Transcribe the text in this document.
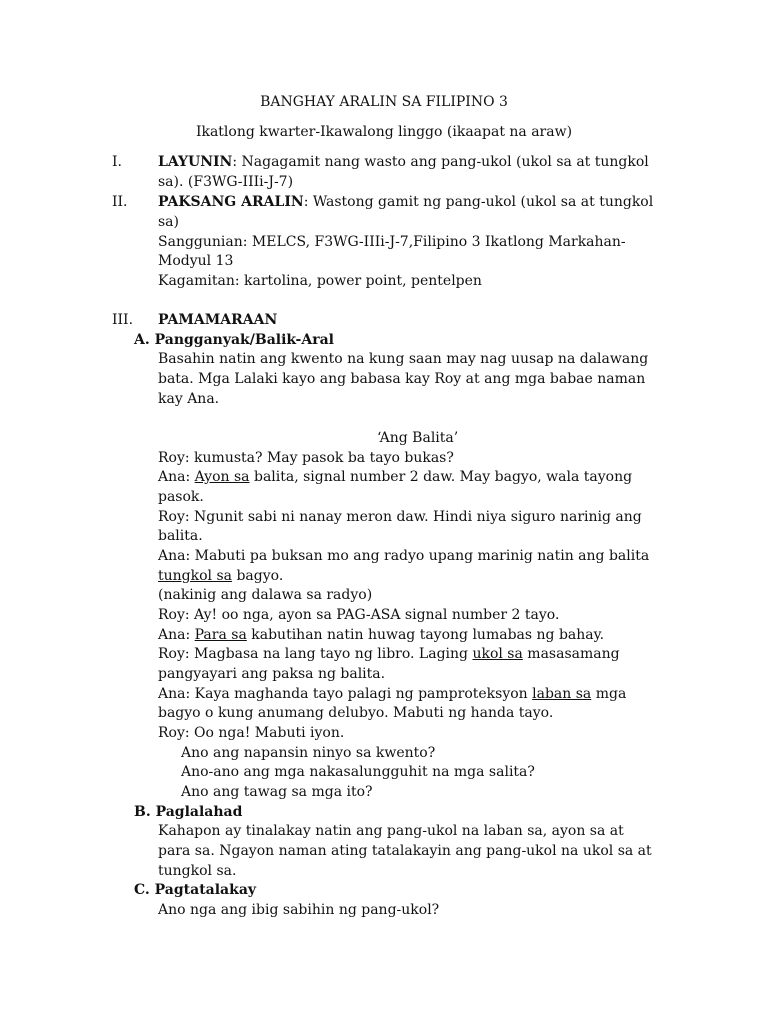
BANGHAY ARALIN SA FILIPINO 3
Ikatlong kwarter-Ikawalong linggo (ikaapat na araw)
I.	LAYUNIN: Nagagamit nang wasto ang pang-ukol (ukol sa at tungkol
sa). (F3WG-IIIi-J-7)
II. PAKSANG ARALIN: Wastong gamit ng pang-ukol (ukol sa at tungkol
sa)
Sanggunian: MELCS, F3WG-IIIi-J-7,Filipino 3 Ikatlong Markahan-
Modyul 13
Kagamitan: kartolina, power point, pentelpen
III. PAMAMARAAN
A. Pangganyak/Balik-Aral
Basahin natin ang kwento na kung saan may nag uusap na dalawang
bata. Mga Lalaki kayo ang babasa kay Roy at ang mga babae naman
kay Ana.
‘Ang Balita’
Roy: kumusta? May pasok ba tayo bukas?
Ana: Ayon sa balita, signal number 2 daw. May bagyo, wala tayong
pasok.
Roy: Ngunit sabi ni nanay meron daw. Hindi niya siguro narinig ang
balita.
Ana: Mabuti pa buksan mo ang radyo upang marinig natin ang balita
tungkol sa bagyo.
(nakinig ang dalawa sa radyo)
Roy: Ay! oo nga, ayon sa PAG-ASA signal number 2 tayo.
Ana: Para sa kabutihan natin huwag tayong lumabas ng bahay.
Roy: Magbasa na lang tayo ng libro. Laging ukol sa masasamang
pangyayari ang paksa ng balita.
Ana: Kaya maghanda tayo palagi ng pamproteksyon laban sa mga
bagyo o kung anumang delubyo. Mabuti ng handa tayo.
Roy: Oo nga! Mabuti iyon.
Ano ang napansin ninyo sa kwento?
Ano-ano ang mga nakasalungguhit na mga salita?
Ano ang tawag sa mga ito?
B. Paglalahad
Kahapon ay tinalakay natin ang pang-ukol na laban sa, ayon sa at
para sa. Ngayon naman ating tatalakayin ang pang-ukol na ukol sa at
tungkol sa.
C. Pagtatalakay
Ano nga ang ibig sabihin ng pang-ukol?
